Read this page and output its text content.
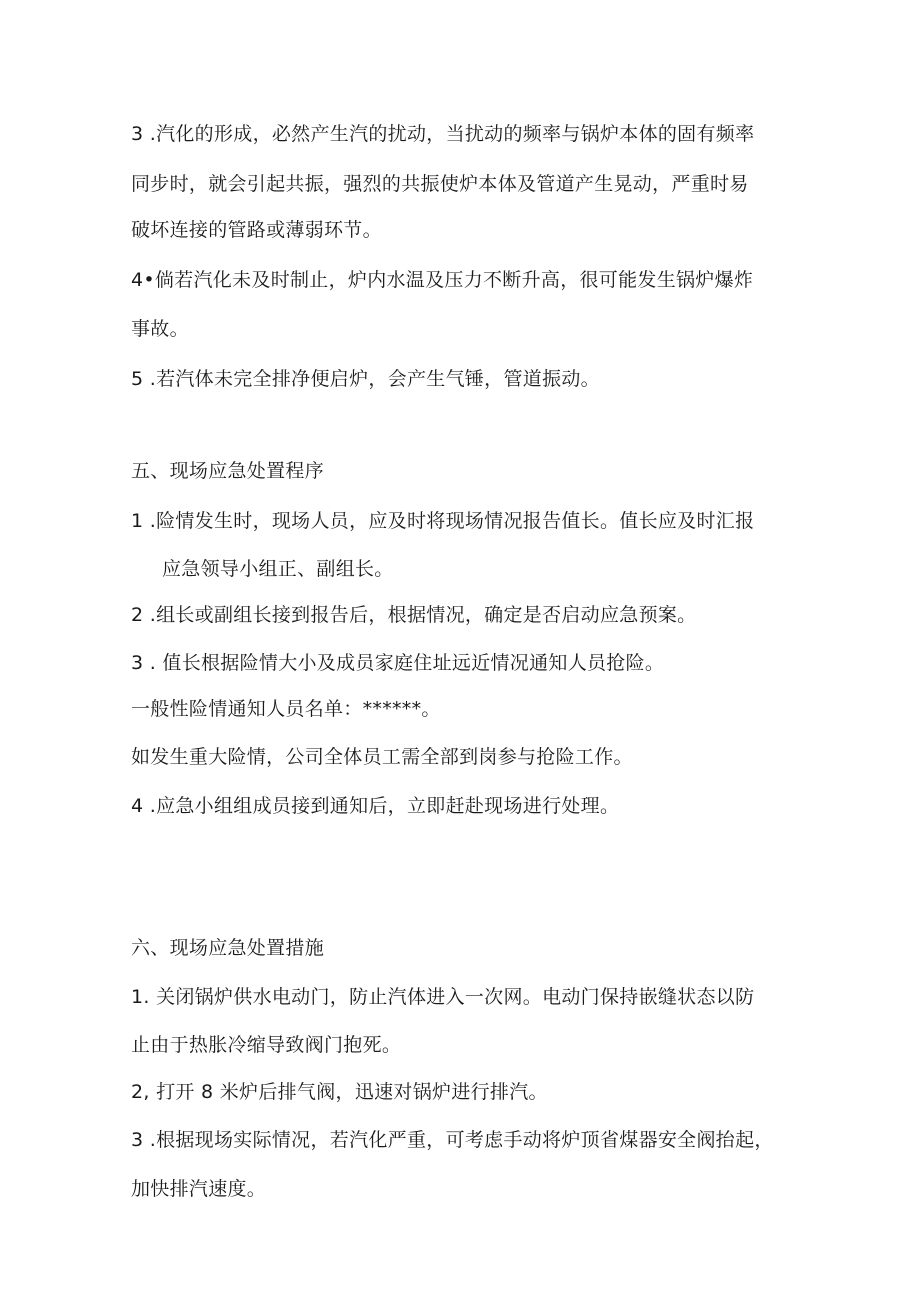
3 .汽化的形成，必然产生汽的扰动，当扰动的频率与锅炉本体的固有频率
同步时，就会引起共振，强烈的共振使炉本体及管道产生晃动，严重时易
破坏连接的管路或薄弱环节。
4•倘若汽化未及时制止，炉内水温及压力不断升高，很可能发生锅炉爆炸
事故。
5 .若汽体未完全排净便启炉，会产生气锤，管道振动。
五、现场应急处置程序
1 .险情发生时，现场人员，应及时将现场情况报告值长。值长应及时汇报
应急领导小组正、副组长。
2 .组长或副组长接到报告后，根据情况，确定是否启动应急预案。
3 . 值长根据险情大小及成员家庭住址远近情况通知人员抢险。
一般性险情通知人员名单：******。
如发生重大险情，公司全体员工需全部到岗参与抢险工作。
4 .应急小组组成员接到通知后，立即赶赴现场进行处理。
六、现场应急处置措施
1. 关闭锅炉供水电动门，防止汽体进入一次网。电动门保持嵌缝状态以防
止由于热胀冷缩导致阀门抱死。
2, 打开 8 米炉后排气阀，迅速对锅炉进行排汽。
3 .根据现场实际情况，若汽化严重，可考虑手动将炉顶省煤器安全阀抬起，
加快排汽速度。
